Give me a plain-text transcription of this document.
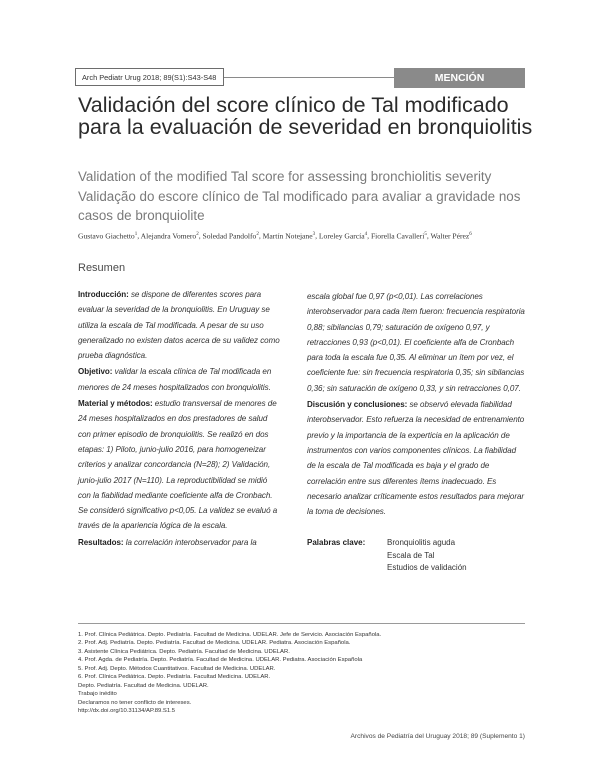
Arch Pediatr Urug 2018; 89(S1):S43-S48	MENCIÓN
Validación del score clínico de Tal modificado para la evaluación de severidad en bronquiolitis
Validation of the modified Tal score for assessing bronchiolitis severity
Validação do escore clínico de Tal modificado para avaliar a gravidade nos casos de bronquiolite
Gustavo Giachetto$^1$, Alejandra Vomero$^2$, Soledad Pandolfo$^2$, Martín Notejane$^3$, Loreley García$^4$, Fiorella Cavalleri$^5$, Walter Pérez$^6$
Resumen

Introducción: se dispone de diferentes scores para evaluar la severidad de la bronquiolitis. En Uruguay se utiliza la escala de Tal modificada. A pesar de su uso generalizado no existen datos acerca de su validez como prueba diagnóstica.

Objetivo: validar la escala clínica de Tal modificada en menores de 24 meses hospitalizados con bronquiolitis.

Material y métodos: estudio transversal de menores de 24 meses hospitalizados en dos prestadores de salud con primer episodio de bronquiolitis. Se realizó en dos etapas: 1) Piloto, junio-julio 2016, para homogeneizar criterios y analizar concordancia (N=28); 2) Validación, junio-julio 2017 (N=110). La reproductibilidad se midió con la fiabilidad mediante coeficiente alfa de Cronbach. Se consideró significativo p<0,05. La validez se evaluó a través de la apariencia lógica de la escala.

Resultados: la correlación interobservador para la

escala global fue 0,97 (p<0,01). Las correlaciones interobservador para cada ítem fueron: frecuencia respiratoria 0,88; sibilancias 0,79; saturación de oxígeno 0,97, y retracciones 0,93 (p<0,01). El coeficiente alfa de Cronbach para toda la escala fue 0,35. Al eliminar un ítem por vez, el coeficiente fue: sin frecuencia respiratoria 0,35; sin sibilancias 0,36; sin saturación de oxígeno 0,33, y sin retracciones 0,07.

Discusión y conclusiones: se observó elevada fiabilidad interobservador. Esto refuerza la necesidad de entrenamiento previo y la importancia de la experticia en la aplicación de instrumentos con varios componentes clínicos. La fiabilidad de la escala de Tal modificada es baja y el grado de correlación entre sus diferentes ítems inadecuado. Es necesario analizar críticamente estos resultados para mejorar la toma de decisiones.

Palabras clave:	Bronquiolitis aguda
Escala de Tal
Estudios de validación
1. Prof. Clínica Pediátrica. Depto. Pediatría. Facultad de Medicina. UDELAR. Jefe de Servicio. Asociación Española.
2. Prof. Adj. Pediatría. Depto. Pediatría. Facultad de Medicina. UDELAR. Pediatra. Asociación Española.
3. Asistente Clínica Pediátrica. Depto. Pediatría. Facultad de Medicina. UDELAR.
4. Prof. Agda. de Pediatría. Depto. Pediatría. Facultad de Medicina. UDELAR. Pediatra. Asociación Española
5. Prof. Adj. Depto. Métodos Cuantitativos. Facultad de Medicina. UDELAR.
6. Prof. Clínica Pediátrica. Depto. Pediatría. Facultad Medicina. UDELAR.
Depto. Pediatría. Facultad de Medicina. UDELAR.
Trabajo inédito
Declaramos no tener conflicto de intereses.
http://dx.doi.org/10.31134/AP.89.S1.5
Archivos de Pediatría del Uruguay 2018; 89 (Suplemento 1)
